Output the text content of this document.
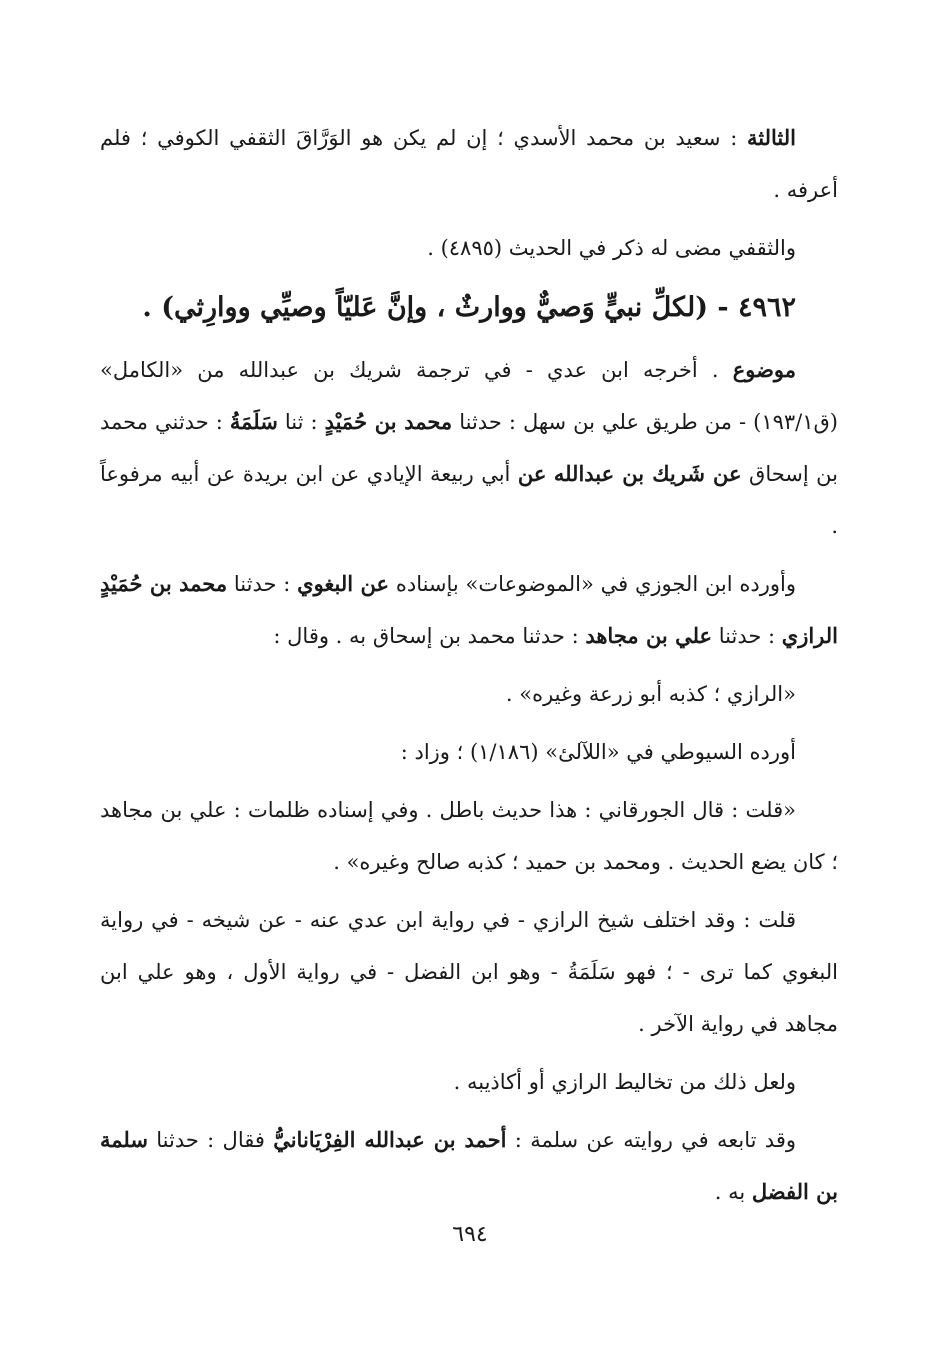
الثالثة : سعيد بن محمد الأسدي ؛ إن لم يكن هو الوَرَّاقَ الثقفي الكوفي ؛ فلم أعرفه .

والثقفي مضى له ذكر في الحديث (٤٨٩٥) .

٤٩٦٢ - (لكلِّ نبيٍّ وَصيٌّ ووارثٌ ، وإنَّ عَليّاً وصيِّي ووارِثي) .

موضوع . أخرجه ابن عدي - في ترجمة شريك بن عبدالله من «الكامل» (ق١٩٣/١) - من طريق علي بن سهل : حدثنا محمد بن حُمَيْدٍ : ثنا سَلَمَةُ : حدثني محمد بن إسحاق عن شَريك بن عبدالله عن أبي ربيعة الإيادي عن ابن بريدة عن أبيه مرفوعاً .

وأورده ابن الجوزي في «الموضوعات» بإسناده عن البغوي : حدثنا محمد بن حُمَيْدٍ الرازي : حدثنا علي بن مجاهد : حدثنا محمد بن إسحاق به . وقال :

«الرازي ؛ كذبه أبو زرعة وغيره» .

أورده السيوطي في «اللآلئ» (١/١٨٦) ؛ وزاد :

«قلت : قال الجورقاني : هذا حديث باطل . وفي إسناده ظلمات : علي بن مجاهد ؛ كان يضع الحديث . ومحمد بن حميد ؛ كذبه صالح وغيره» .

قلت : وقد اختلف شيخ الرازي - في رواية ابن عدي عنه - عن شيخه - في رواية البغوي كما ترى - ؛ فهو سَلَمَةُ - وهو ابن الفضل - في رواية الأول ، وهو علي ابن مجاهد في رواية الآخر .

ولعل ذلك من تخاليط الرازي أو أكاذيبه .

وقد تابعه في روايته عن سلمة : أحمد بن عبدالله الفِرْيَانانيُّ فقال : حدثنا سلمة بن الفضل به .

٦٩٤
